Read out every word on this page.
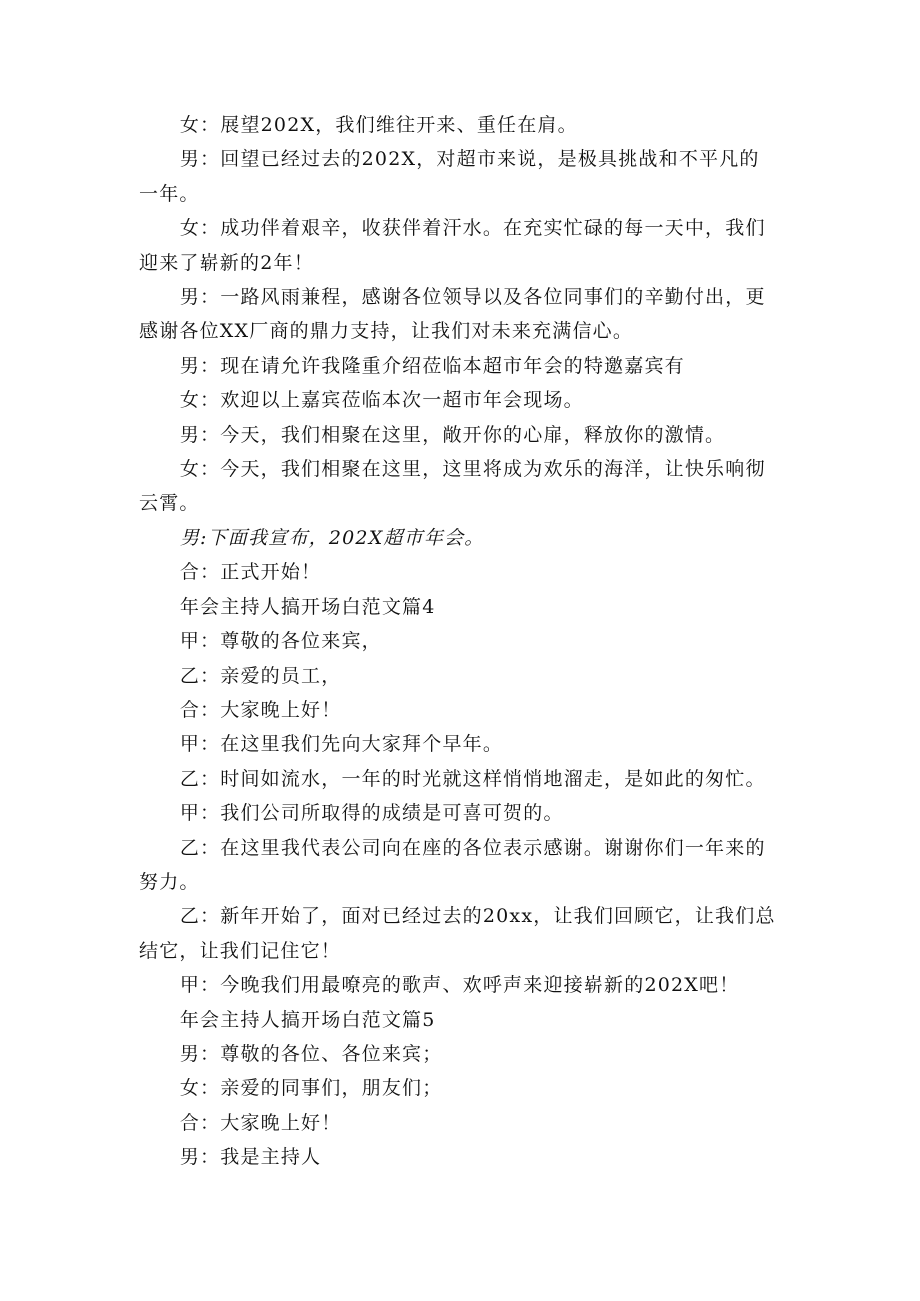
女：展望202X，我们维往开来、重任在肩。

男：回望已经过去的202X，对超市来说，是极具挑战和不平凡的一年。

女：成功伴着艰辛，收获伴着汗水。在充实忙碌的每一天中，我们迎来了崭新的2年！

男：一路风雨兼程，感谢各位领导以及各位同事们的辛勤付出，更感谢各位XX厂商的鼎力支持，让我们对未来充满信心。

男：现在请允许我隆重介绍莅临本超市年会的特邀嘉宾有

女：欢迎以上嘉宾莅临本次一超市年会现场。

男：今天，我们相聚在这里，敞开你的心扉，释放你的激情。

女：今天，我们相聚在这里，这里将成为欢乐的海洋，让快乐响彻云霄。

男:下面我宣布，202X超市年会。

合：正式开始！

年会主持人搞开场白范文篇4

甲：尊敬的各位来宾，

乙：亲爱的员工，

合：大家晚上好！

甲：在这里我们先向大家拜个早年。

乙：时间如流水，一年的时光就这样悄悄地溜走，是如此的匆忙。

甲：我们公司所取得的成绩是可喜可贺的。

乙：在这里我代表公司向在座的各位表示感谢。谢谢你们一年来的努力。

乙：新年开始了，面对已经过去的20xx，让我们回顾它，让我们总结它，让我们记住它！

甲：今晚我们用最嘹亮的歌声、欢呼声来迎接崭新的202X吧！

年会主持人搞开场白范文篇5

男：尊敬的各位、各位来宾；

女：亲爱的同事们，朋友们；

合：大家晚上好！

男：我是主持人
